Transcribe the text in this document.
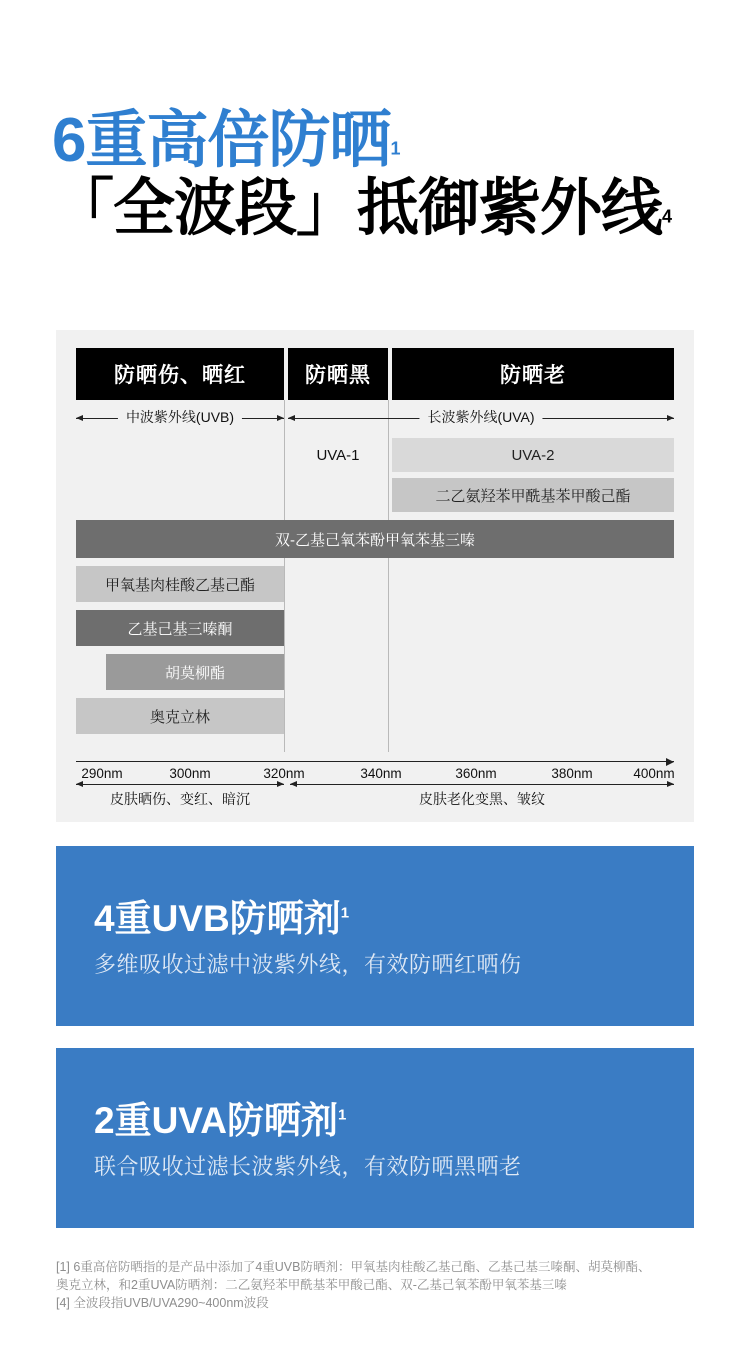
6重高倍防晒1
「全波段」抵御紫外线4
防晒伤、晒红	防晒黑	防晒老
中波紫外线(UVB)	长波紫外线(UVA)
UVA-1	UVA-2
二乙氨羟苯甲酰基苯甲酸己酯
双-乙基己氧苯酚甲氧苯基三嗪
甲氧基肉桂酸乙基己酯
乙基己基三嗪酮
胡莫柳酯
奥克立林
290nm	300nm	320nm	340nm	360nm	380nm	400nm
皮肤晒伤、变红、暗沉	皮肤老化变黑、皱纹
4重UVB防晒剂$^1$
多维吸收过滤中波紫外线，有效防晒红晒伤
2重UVA防晒剂$^1$
联合吸收过滤长波紫外线，有效防晒黑晒老
[1] 6重高倍防晒指的是产品中添加了4重UVB防晒剂：甲氧基肉桂酸乙基己酯、乙基己基三嗪酮、胡莫柳酯、
奥克立林，和2重UVA防晒剂：二乙氨羟苯甲酰基苯甲酸己酯、双-乙基己氧苯酚甲氧苯基三嗪
[4] 全波段指UVB/UVA290~400nm波段
